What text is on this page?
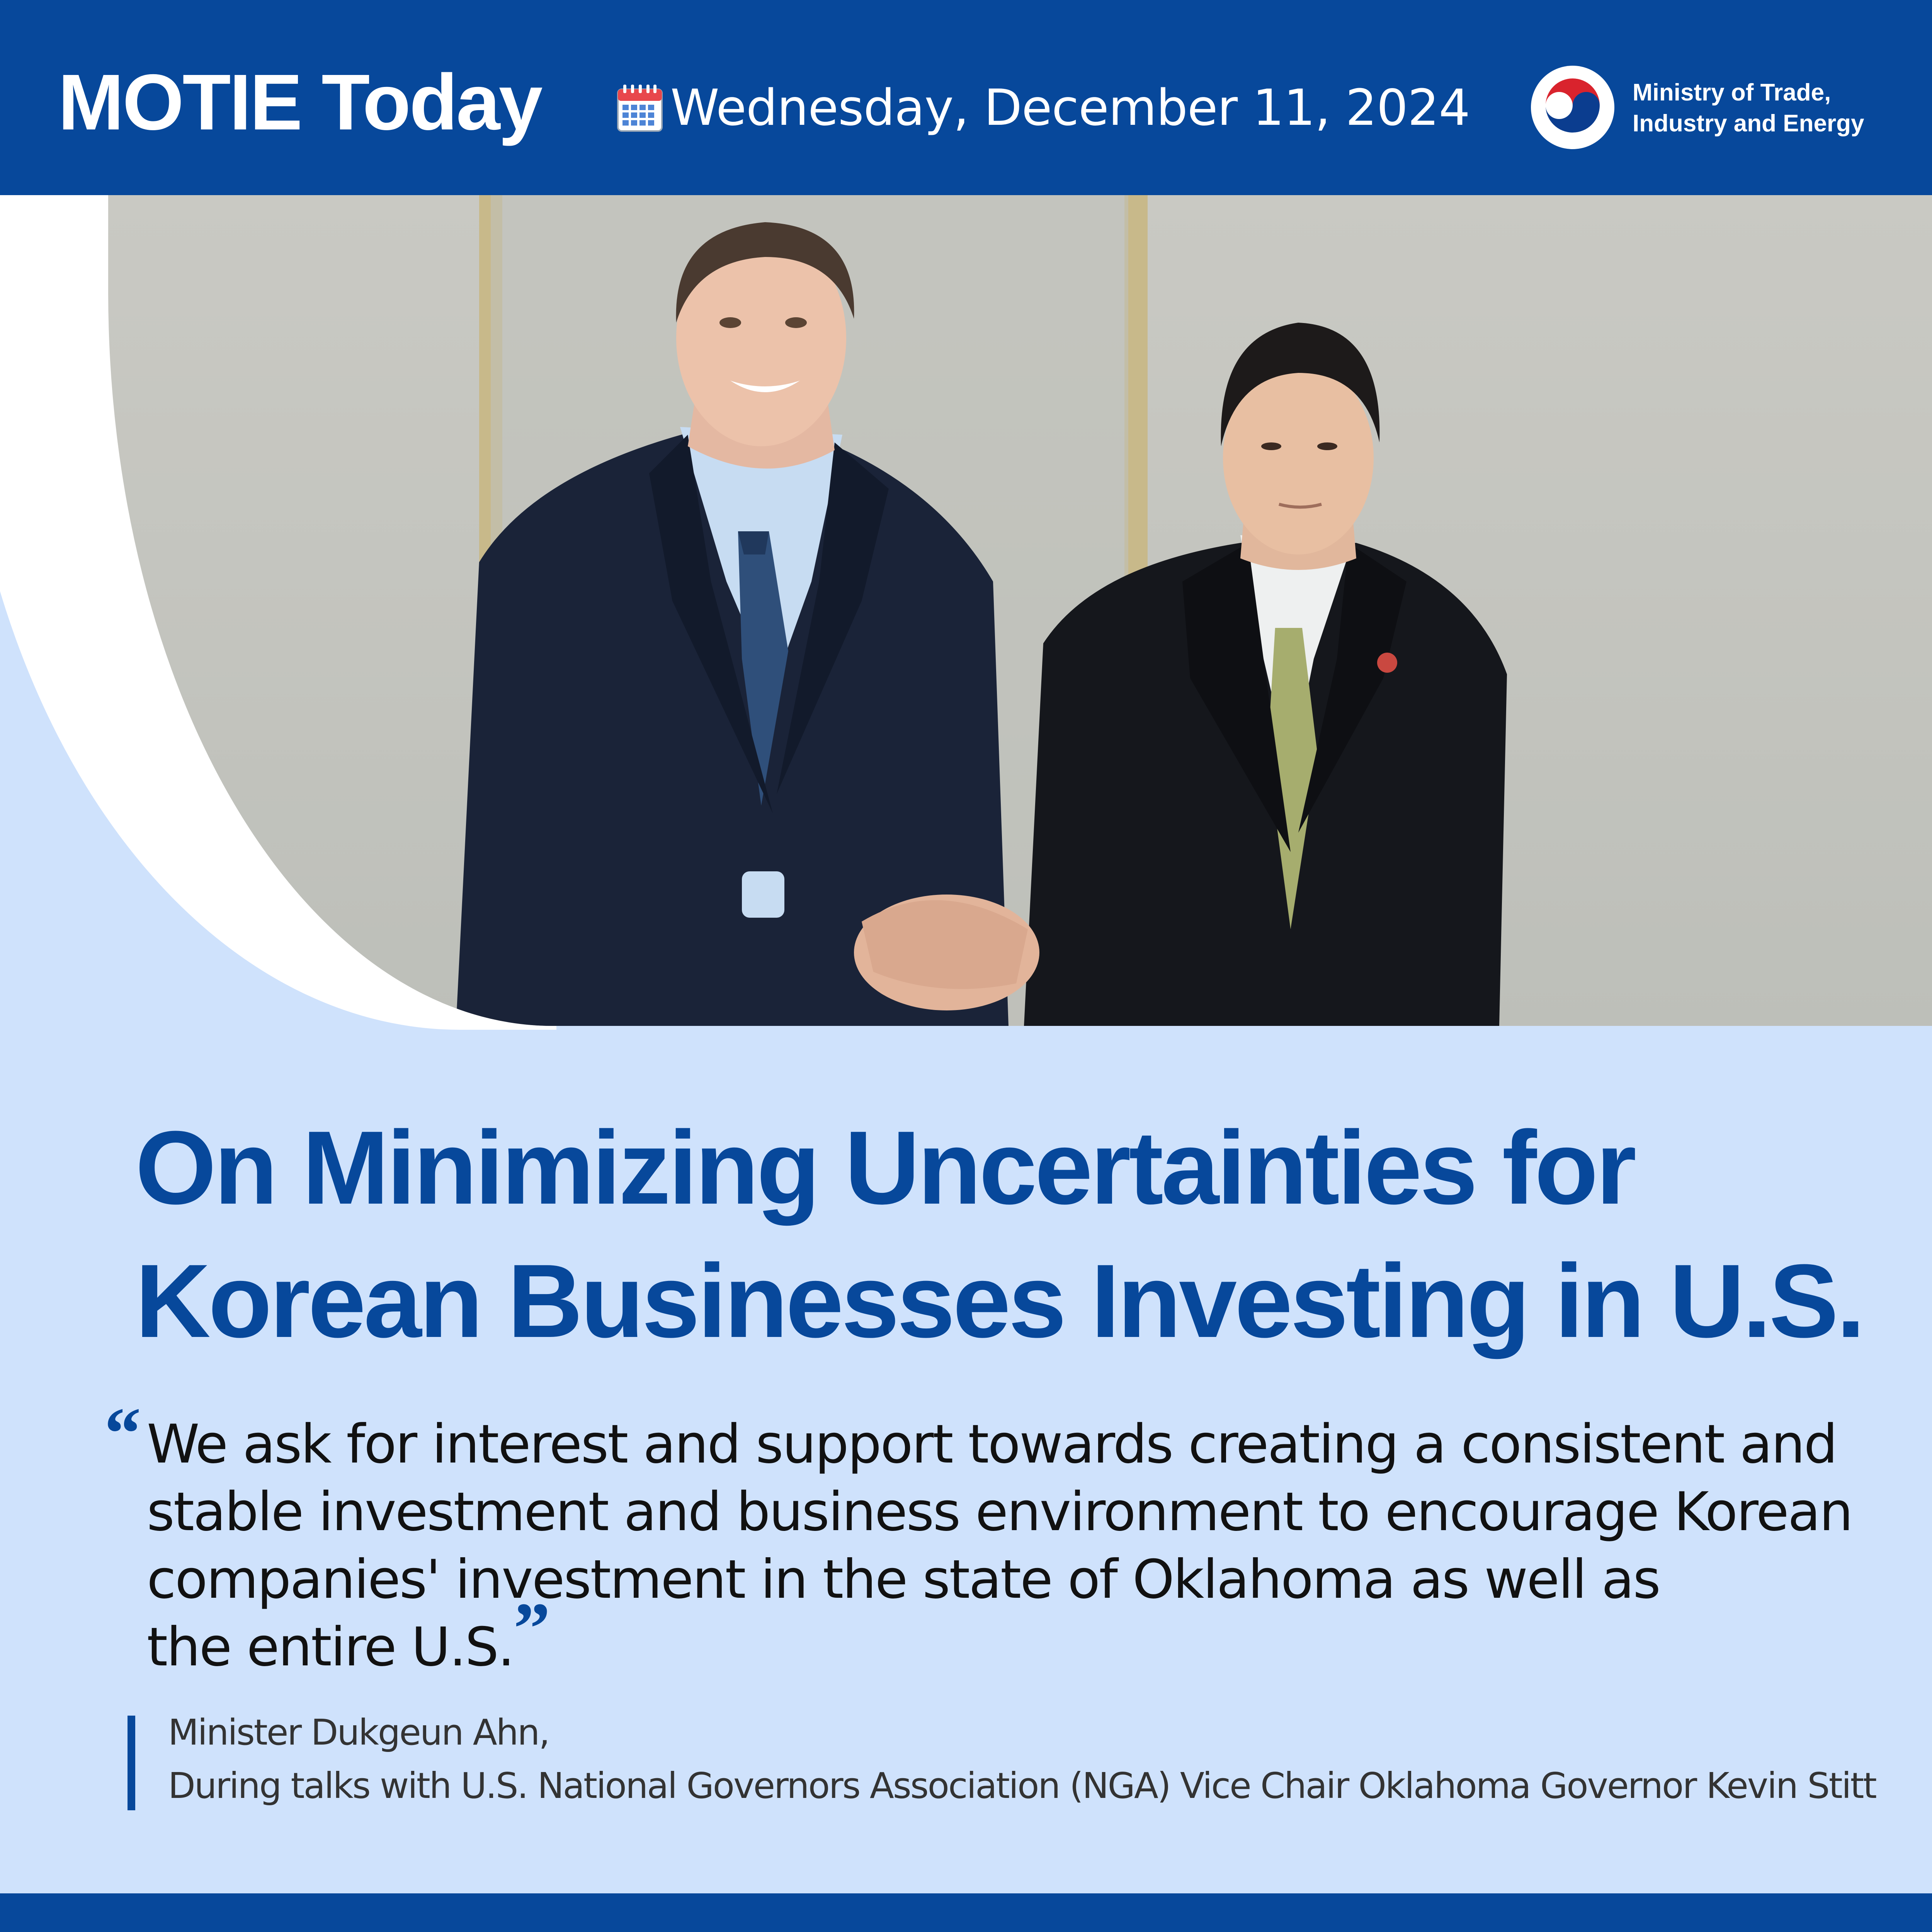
MOTIE Today	Wednesday, December 11, 2024	Ministry of Trade,
Industry and Energy
On Minimizing Uncertainties for
Korean Businesses Investing in U.S.
“ We ask for interest and support towards creating a consistent and
stable investment and business environment to encourage Korean
companies' investment in the state of Oklahoma as well as
the entire U.S.”
Minister Dukgeun Ahn,
During talks with U.S. National Governors Association (NGA) Vice Chair Oklahoma Governor Kevin Stitt
